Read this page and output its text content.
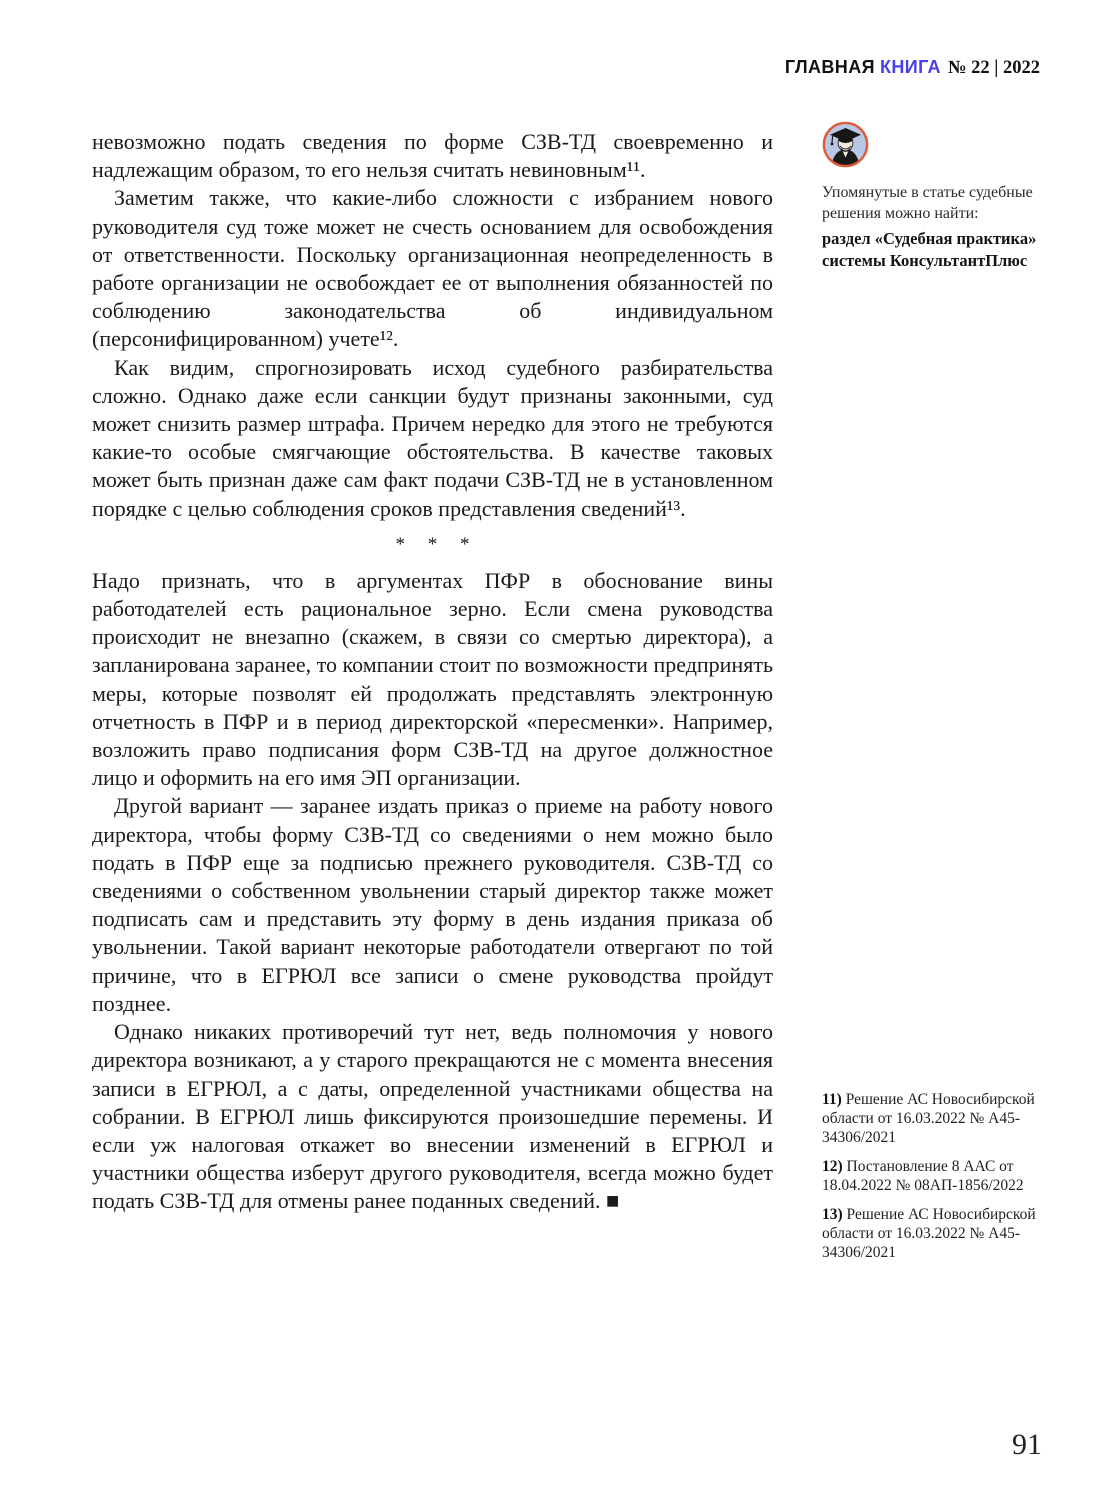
ГЛАВНАЯ КНИГА № 22 | 2022

невозможно подать сведения по форме СЗВ-ТД своевременно и надлежащим образом, то его нельзя считать невиновным¹¹.

Заметим также, что какие-либо сложности с избранием нового руководителя суд тоже может не счесть основанием для освобождения от ответственности. Поскольку организационная неопределенность в работе организации не освобождает ее от выполнения обязанностей по соблюдению законодательства об индивидуальном (персонифицированном) учете¹².

Как видим, спрогнозировать исход судебного разбирательства сложно. Однако даже если санкции будут признаны законными, суд может снизить размер штрафа. Причем нередко для этого не требуются какие-то особые смягчающие обстоятельства. В качестве таковых может быть признан даже сам факт подачи СЗВ-ТД не в установленном порядке с целью соблюдения сроков представления сведений¹³.

* * *

Надо признать, что в аргументах ПФР в обоснование вины работодателей есть рациональное зерно. Если смена руководства происходит не внезапно (скажем, в связи со смертью директора), а запланирована заранее, то компании стоит по возможности предпринять меры, которые позволят ей продолжать представлять электронную отчетность в ПФР и в период директорской «пересменки». Например, возложить право подписания форм СЗВ-ТД на другое должностное лицо и оформить на его имя ЭП организации.

Другой вариант — заранее издать приказ о приеме на работу нового директора, чтобы форму СЗВ-ТД со сведениями о нем можно было подать в ПФР еще за подписью прежнего руководителя. СЗВ-ТД со сведениями о собственном увольнении старый директор также может подписать сам и представить эту форму в день издания приказа об увольнении. Такой вариант некоторые работодатели отвергают по той причине, что в ЕГРЮЛ все записи о смене руководства пройдут позднее.

Однако никаких противоречий тут нет, ведь полномочия у нового директора возникают, а у старого прекращаются не с момента внесения записи в ЕГРЮЛ, а с даты, определенной участниками общества на собрании. В ЕГРЮЛ лишь фиксируются произошедшие перемены. И если уж налоговая откажет во внесении изменений в ЕГРЮЛ и участники общества изберут другого руководителя, всегда можно будет подать СЗВ-ТД для отмены ранее поданных сведений. ■

Упомянутые в статье судебные решения можно найти:

раздел «Судебная практика» системы КонсультантПлюс

11) Решение АС Новосибирской области от 16.03.2022 № А45-34306/2021

12) Постановление 8 ААС от 18.04.2022 № 08АП-1856/2022

13) Решение АС Новосибирской области от 16.03.2022 № А45-34306/2021

91
